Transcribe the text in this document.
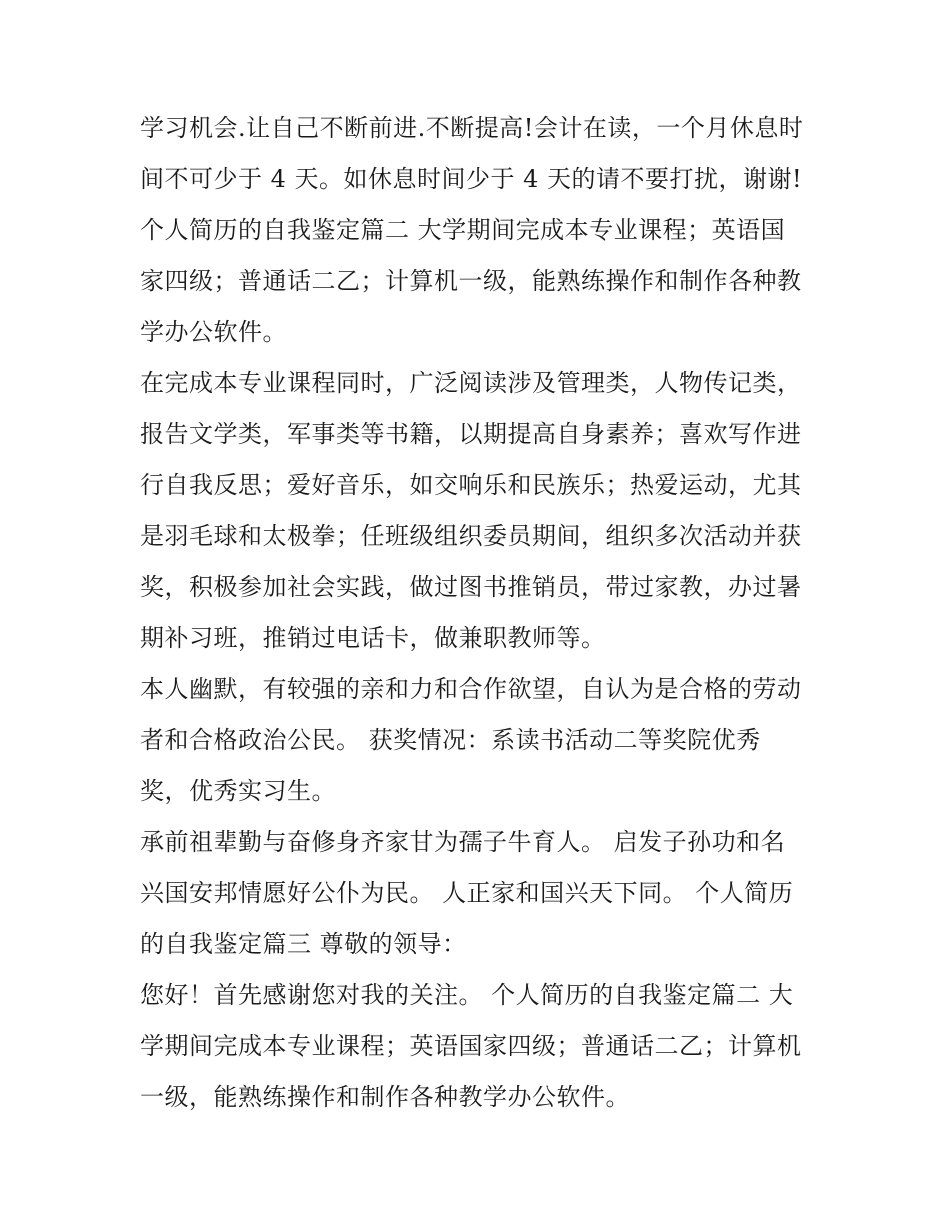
学习机会.让自己不断前进.不断提高!会计在读，一个月休息时
间不可少于 4 天。如休息时间少于 4 天的请不要打扰，谢谢!
个人简历的自我鉴定篇二 大学期间完成本专业课程；英语国
家四级；普通话二乙；计算机一级，能熟练操作和制作各种教
学办公软件。
在完成本专业课程同时，广泛阅读涉及管理类，人物传记类，
报告文学类，军事类等书籍，以期提高自身素养；喜欢写作进
行自我反思；爱好音乐，如交响乐和民族乐；热爱运动，尤其
是羽毛球和太极拳；任班级组织委员期间，组织多次活动并获
奖，积极参加社会实践，做过图书推销员，带过家教，办过暑
期补习班，推销过电话卡，做兼职教师等。
本人幽默，有较强的亲和力和合作欲望，自认为是合格的劳动
者和合格政治公民。 获奖情况：系读书活动二等奖院优秀
奖，优秀实习生。
承前祖辈勤与奋修身齐家甘为孺子牛育人。 启发子孙功和名
兴国安邦情愿好公仆为民。 人正家和国兴天下同。 个人简历
的自我鉴定篇三 尊敬的领导：
您好！首先感谢您对我的关注。 个人简历的自我鉴定篇二 大
学期间完成本专业课程；英语国家四级；普通话二乙；计算机
一级，能熟练操作和制作各种教学办公软件。
